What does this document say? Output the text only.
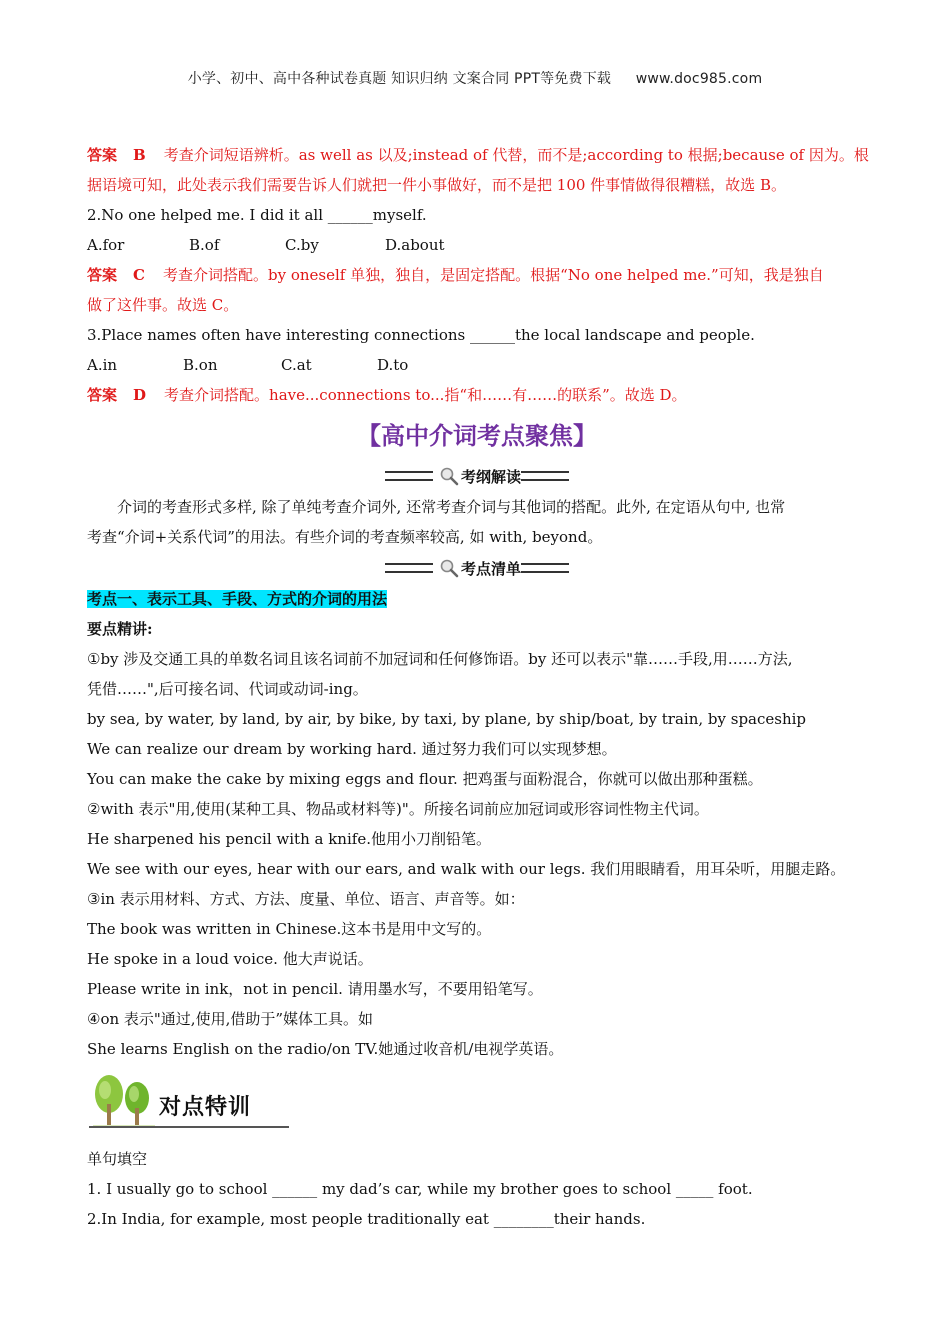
小学、初中、高中各种试卷真题 知识归纳 文案合同 PPT等免费下载 www.doc985.com
答案 B 考查介词短语辨析。as well as 以及;instead of 代替，而不是;according to 根据;because of 因为。根
据语境可知，此处表示我们需要告诉人们就把一件小事做好，而不是把 100 件事情做得很糟糕，故选 B。
2.No one helped me. I did it all ______myself.
A.for	B.of	C.by	D.about
答案 C 考查介词搭配。by oneself 单独，独自，是固定搭配。根据“No one helped me.”可知，我是独自
做了这件事。故选 C。
3.Place names often have interesting connections ______the local landscape and people.
A.in	B.on	C.at	D.to
答案 D 考查介词搭配。have...connections to...指“和……有……的联系”。故选 D。
【高中介词考点聚焦】
考纲解读
介词的考查形式多样, 除了单纯考查介词外, 还常考查介词与其他词的搭配。此外, 在定语从句中, 也常
考查“介词+关系代词”的用法。有些介词的考查频率较高, 如 with, beyond。
考点清单
考点一、表示工具、手段、方式的介词的用法
要点精讲:
①by 涉及交通工具的单数名词且该名词前不加冠词和任何修饰语。by 还可以表示"靠……手段,用……方法,
凭借……",后可接名词、代词或动词-ing。
by sea, by water, by land, by air, by bike, by taxi, by plane, by ship/boat, by train, by spaceship
We can realize our dream by working hard. 通过努力我们可以实现梦想。
You can make the cake by mixing eggs and flour. 把鸡蛋与面粉混合，你就可以做出那种蛋糕。
②with 表示"用,使用(某种工具、物品或材料等)"。所接名词前应加冠词或形容词性物主代词。
He sharpened his pencil with a knife.他用小刀削铅笔。
We see with our eyes, hear with our ears, and walk with our legs. 我们用眼睛看，用耳朵听，用腿走路。
③in 表示用材料、方式、方法、度量、单位、语言、声音等。如：
The book was written in Chinese.这本书是用中文写的。
He spoke in a loud voice. 他大声说话。
Please write in ink，not in pencil. 请用墨水写，不要用铅笔写。
④on 表示"通过,使用,借助于”媒体工具。如
She learns English on the radio/on TV.她通过收音机/电视学英语。
对点特训
单句填空
1. I usually go to school ______ my dad’s car, while my brother goes to school _____ foot.
2.In India, for example, most people traditionally eat ________their hands.
